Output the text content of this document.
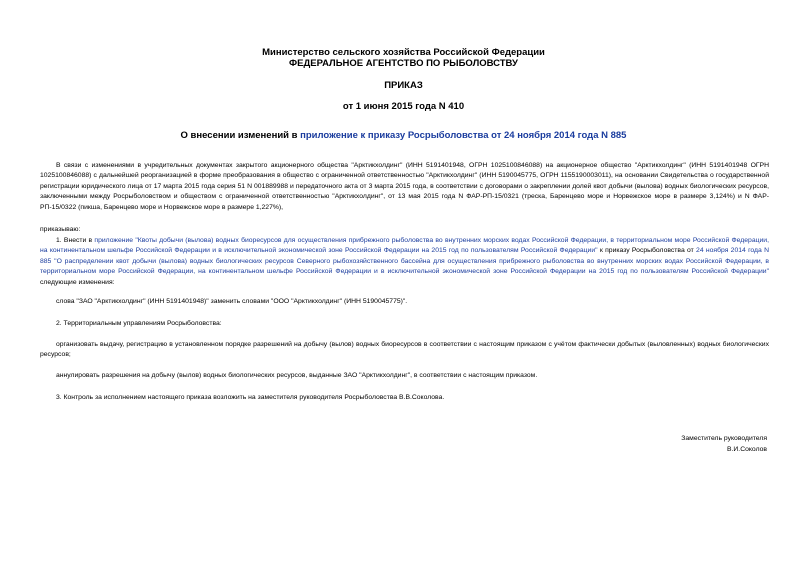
Министерство сельского хозяйства Российской Федерации
ФЕДЕРАЛЬНОЕ АГЕНТСТВО ПО РЫБОЛОВСТВУ
ПРИКАЗ
от 1 июня 2015 года N 410
О внесении изменений в приложение к приказу Росрыболовства от 24 ноября 2014 года N 885
В связи с изменениями в учредительных документах закрытого акционерного общества "Арктикхолдинг" (ИНН 5191401948, ОГРН 1025100846088) на акционерное общество "Арктикхолдинг" (ИНН 5191401948 ОГРН 1025100846088) с дальнейшей реорганизацией в форме преобразования в общество с ограниченной ответственностью "Арктикхолдинг" (ИНН 5190045775, ОГРН 1155190003011), на основании Свидетельства о государственной регистрации юридического лица от 17 марта 2015 года серия 51 N 001889988 и передаточного акта от 3 марта 2015 года, в соответствии с договорами о закреплении долей квот добычи (вылова) водных биологических ресурсов, заключенными между Росрыболовством и обществом с ограниченной ответственностью "Арктикхолдинг", от 13 мая 2015 года N ФАР-РП-15/0321 (треска, Баренцево море и Норвежское море в размере 3,124%) и N ФАР-РП-15/0322 (пикша, Баренцево море и Норвежское море в размере 1,227%),
приказываю:
1. Внести в приложение "Квоты добычи (вылова) водных биоресурсов для осуществления прибрежного рыболовства во внутренних морских водах Российской Федерации, в территориальном море Российской Федерации, на континентальном шельфе Российской Федерации и в исключительной экономической зоне Российской Федерации на 2015 год по пользователям Российской Федерации" к приказу Росрыболовства от 24 ноября 2014 года N 885 "О распределении квот добычи (вылова) водных биологических ресурсов Северного рыбохозяйственного бассейна для осуществления прибрежного рыболовства во внутренних морских водах Российской Федерации, в территориальном море Российской Федерации, на континентальном шельфе Российской Федерации и в исключительной экономической зоне Российской Федерации на 2015 год по пользователям Российской Федерации" следующие изменения:
слова "ЗАО "Арктикхолдинг" (ИНН 5191401948)" заменить словами "ООО "Арктикхолдинг" (ИНН 5190045775)".
2. Территориальным управлениям Росрыболовства:
организовать выдачу, регистрацию в установленном порядке разрешений на добычу (вылов) водных биоресурсов в соответствии с настоящим приказом с учётом фактически добытых (выловленных) водных биологических ресурсов;
аннулировать разрешения на добычу (вылов) водных биологических ресурсов, выданные ЗАО "Арктикхолдинг", в соответствии с настоящим приказом.
3. Контроль за исполнением настоящего приказа возложить на заместителя руководителя Росрыболовства В.В.Соколова.
Заместитель руководителя
В.И.Соколов
